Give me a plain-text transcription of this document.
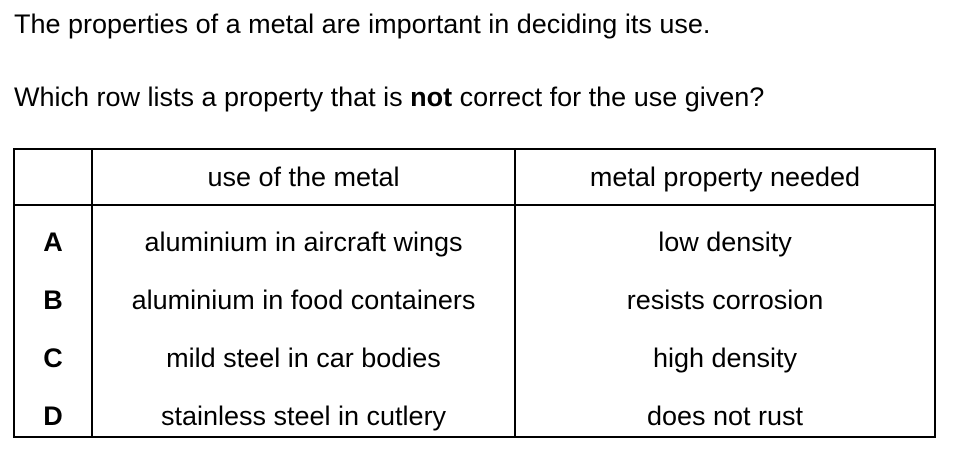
The properties of a metal are important in deciding its use.
Which row lists a property that is not correct for the use given?
use of the metal	metal property needed
A	aluminium in aircraft wings	low density
B	aluminium in food containers	resists corrosion
C	mild steel in car bodies	high density
D	stainless steel in cutlery	does not rust
